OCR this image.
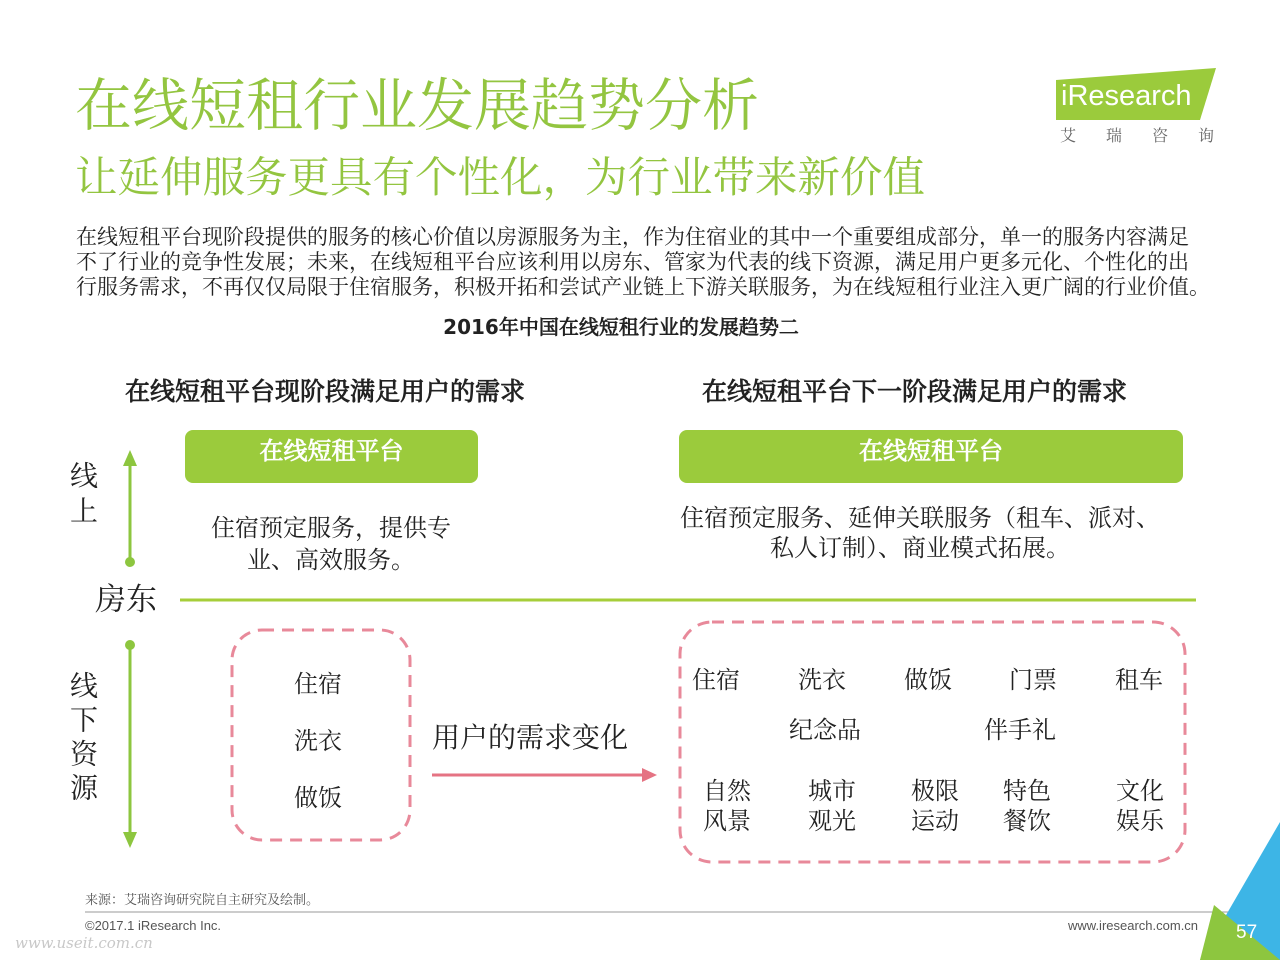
在线短租行业发展趋势分析
让延伸服务更具有个性化，为行业带来新价值
iResearch
艾瑞咨询
在线短租平台现阶段提供的服务的核心价值以房源服务为主，作为住宿业的其中一个重要组成部分，单一的服务内容满足
不了行业的竞争性发展；未来，在线短租平台应该利用以房东、管家为代表的线下资源，满足用户更多元化、个性化的出
行服务需求，不再仅仅局限于住宿服务，积极开拓和尝试产业链上下游关联服务，为在线短租行业注入更广阔的行业价值。
2016年中国在线短租行业的发展趋势二
在线短租平台现阶段满足用户的需求	在线短租平台下一阶段满足用户的需求
在线短租平台	在线短租平台
住宿预定服务，提供专
业、高效服务。
住宿预定服务、延伸关联服务（租车、派对、
私人订制）、商业模式拓展。
线上
房东
线下资源	住宿
洗衣
做饭
用户的需求变化
住宿	洗衣	做饭	门票	租车
纪念品	伴手礼
自然
风景
城市
观光
极限
运动
特色
餐饮
文化
娱乐
来源：艾瑞咨询研究院自主研究及绘制。
©2017.1 iResearch Inc.	www.iresearch.com.cn
www.useit.com.cn	57
